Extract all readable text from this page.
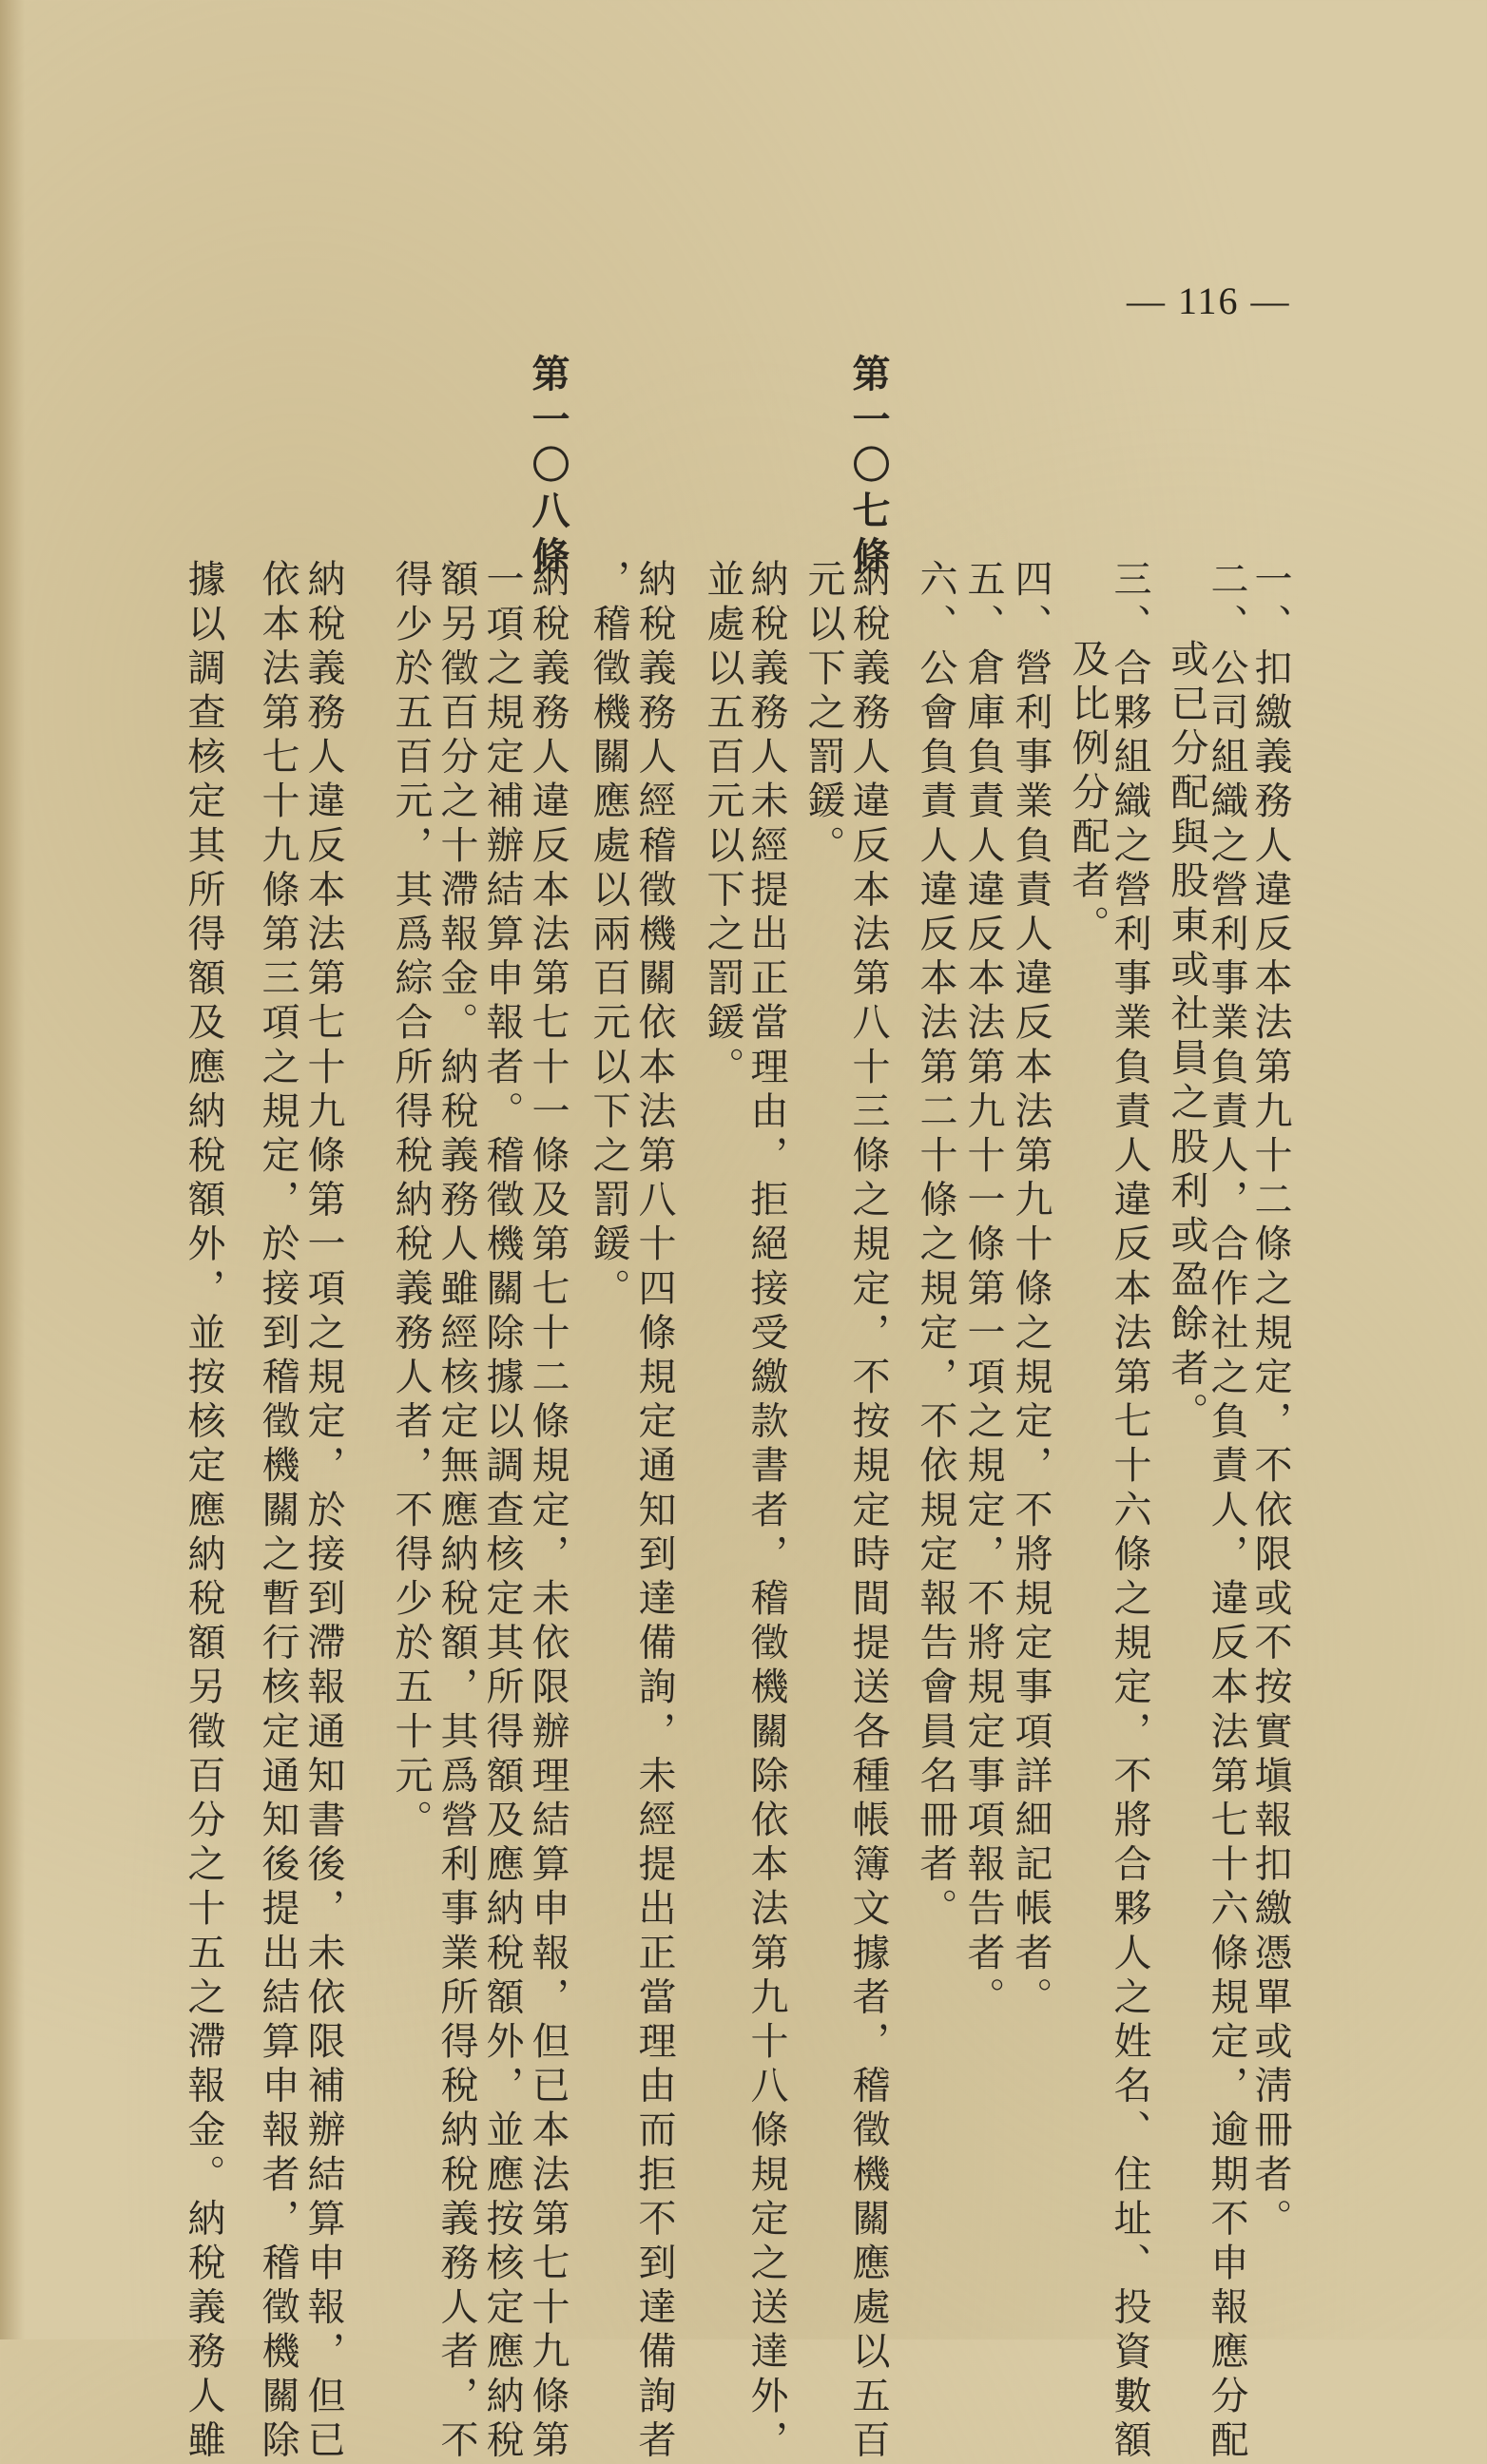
— 116 —
一、扣繳義務人違反本法第九十二條之規定，不依限或不按實塡報扣繳憑單或淸冊者。
二、公司組織之營利事業負責人，合作社之負責人，違反本法第七十六條規定，逾期不申報應分配
或已分配與股東或社員之股利或盈餘者。
三、合夥組織之營利事業負責人違反本法第七十六條之規定，不將合夥人之姓名、住址、投資數額
及比例分配者。
四、營利事業負責人違反本法第九十條之規定，不將規定事項詳細記帳者。
五、倉庫負責人違反本法第九十一條第一項之規定，不將規定事項報告者。
六、公會負責人違反本法第二十條之規定，不依規定報告會員名冊者。
第一〇七條
納稅義務人違反本法第八十三條之規定，不按規定時間提送各種帳簿文據者，稽徵機關應處以五百
元以下之罰鍰。
納稅義務人未經提出正當理由，拒絕接受繳款書者，稽徵機關除依本法第九十八條規定之送達外，
並處以五百元以下之罰鍰。
納稅義務人經稽徵機關依本法第八十四條規定通知到達備詢，未經提出正當理由而拒不到達備詢者
，稽徵機關應處以兩百元以下之罰鍰。
第一〇八條
納稅義務人違反本法第七十一條及第七十二條規定，未依限辦理結算申報，但已本法第七十九條第
一項之規定補辦結算申報者。稽徵機關除據以調查核定其所得額及應納稅額外，並應按核定應納稅
額另徵百分之十滯報金。納稅義務人雖經核定無應納稅額，其爲營利事業所得稅納稅義務人者，不
得少於五百元，其爲綜合所得稅納稅義務人者，不得少於五十元。
納稅義務人違反本法第七十九條第一項之規定，於接到滯報通知書後，未依限補辦結算申報，但已
依本法第七十九條第三項之規定，於接到稽徵機關之暫行核定通知後提出結算申報者，稽徵機關除
據以調查核定其所得額及應納稅額外，並按核定應納稅額另徵百分之十五之滯報金。納稅義務人雖
